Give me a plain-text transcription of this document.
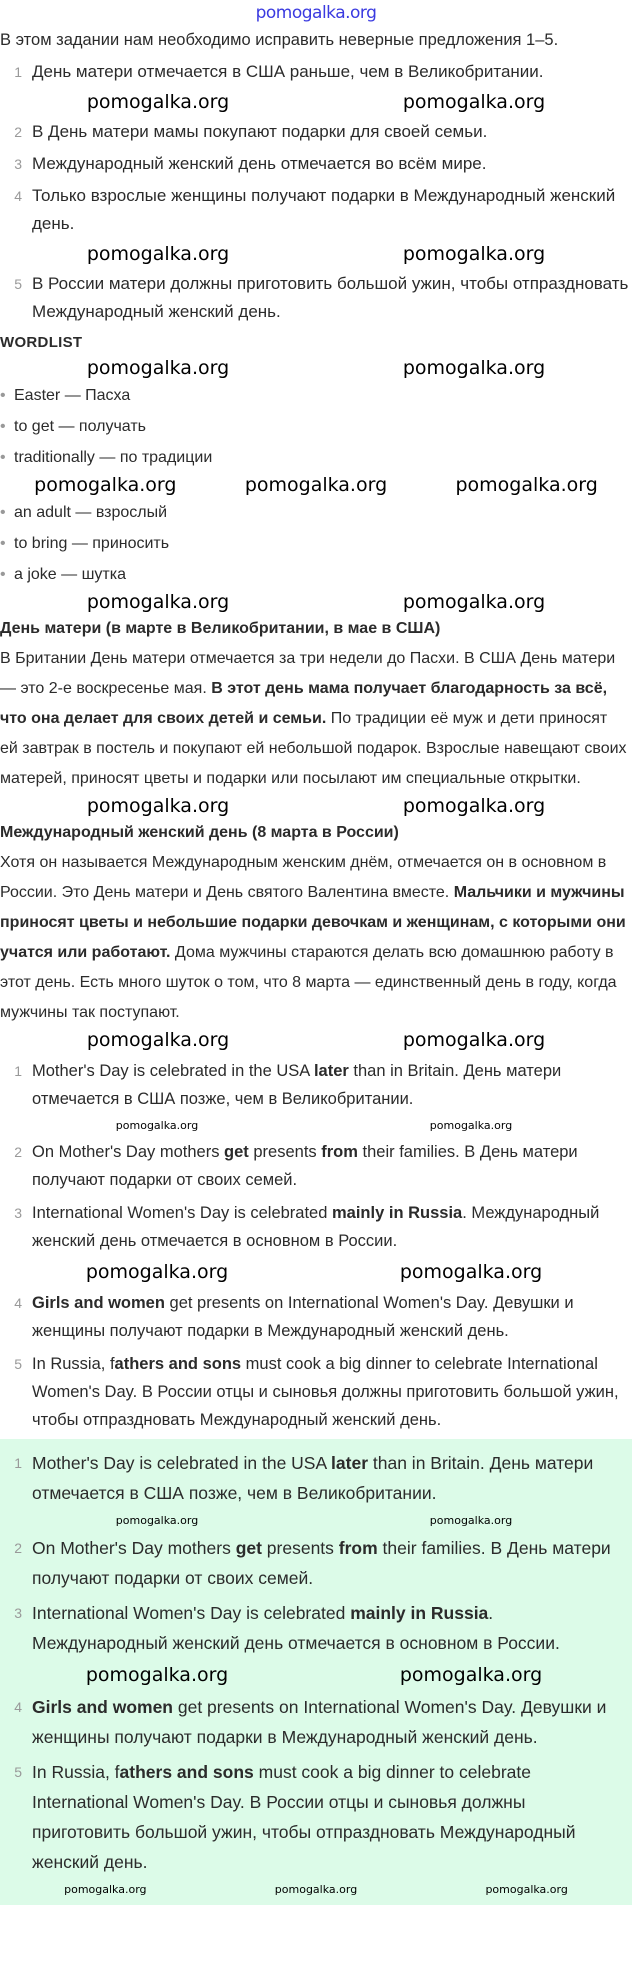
pomogalka.org
В этом задании нам необходимо исправить неверные предложения 1–5.
1 День матери отмечается в США раньше, чем в Великобритании.
pomogalka.org	pomogalka.org
2 В День матери мамы покупают подарки для своей семьи.
3 Международный женский день отмечается во всём мире.
4 Только взрослые женщины получают подарки в Международный женский день.
pomogalka.org	pomogalka.org
5 В России матери должны приготовить большой ужин, чтобы отпраздновать Международный женский день.
WORDLIST
pomogalka.org	pomogalka.org
• Easter — Пасха
• to get — получать
• traditionally — по традиции
pomogalka.org	pomogalka.org	pomogalka.org
• an adult — взрослый
• to bring — приносить
• a joke — шутка
pomogalka.org	pomogalka.org
День матери (в марте в Великобритании, в мае в США)

В Британии День матери отмечается за три недели до Пасхи. В США День матери — это 2-е воскресенье мая. В этот день мама получает благодарность за всё, что она делает для своих детей и семьи. По традиции её муж и дети приносят ей завтрак в постель и покупают ей небольшой подарок. Взрослые навещают своих матерей, приносят цветы и подарки или посылают им специальные открытки.

pomogalka.org	pomogalka.org
Международный женский день (8 марта в России)

Хотя он называется Международным женским днём, отмечается он в основном в России. Это День матери и День святого Валентина вместе. Мальчики и мужчины приносят цветы и небольшие подарки девочкам и женщинам, с которыми они учатся или работают. Дома мужчины стараются делать всю домашнюю работу в этот день. Есть много шуток о том, что 8 марта — единственный день в году, когда мужчины так поступают.

pomogalka.org	pomogalka.org
1 Mother's Day is celebrated in the USA later than in Britain. День матери отмечается в США позже, чем в Великобритании.
pomogalka.org	pomogalka.org
2 On Mother's Day mothers get presents from their families. В День матери получают подарки от своих семей.
3 International Women's Day is celebrated mainly in Russia. Международный женский день отмечается в основном в России.
pomogalka.org	pomogalka.org
4 Girls and women get presents on International Women's Day. Девушки и женщины получают подарки в Международный женский день.
5 In Russia, fathers and sons must cook a big dinner to celebrate International Women's Day. В России отцы и сыновья должны приготовить большой ужин, чтобы отпраздновать Международный женский день.
1 Mother's Day is celebrated in the USA later than in Britain. День матери отмечается в США позже, чем в Великобритании.
pomogalka.org	pomogalka.org
2 On Mother's Day mothers get presents from their families. В День матери получают подарки от своих семей.
3 International Women's Day is celebrated mainly in Russia. Международный женский день отмечается в основном в России.
pomogalka.org	pomogalka.org
4 Girls and women get presents on International Women's Day. Девушки и женщины получают подарки в Международный женский день.
5 In Russia, fathers and sons must cook a big dinner to celebrate International Women's Day. В России отцы и сыновья должны приготовить большой ужин, чтобы отпраздновать Международный женский день.
pomogalka.org	pomogalka.org	pomogalka.org
